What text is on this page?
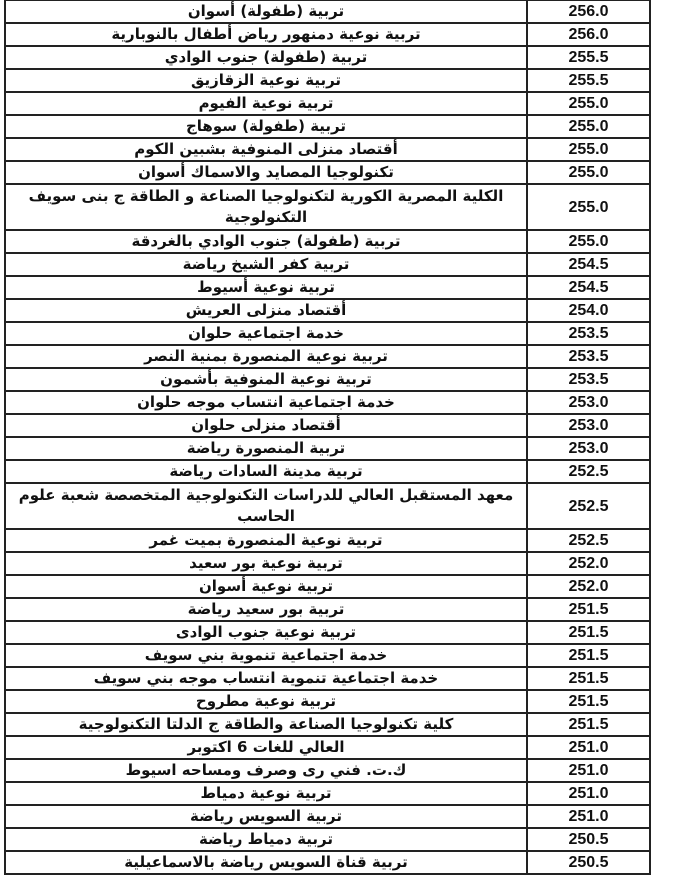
تربية (طفولة) أسوان	256.0
تربية نوعية دمنهور رياض أطفال بالنوبارية	256.0
تربية (طفولة) جنوب الوادي	255.5
تربية نوعية الزقازيق	255.5
تربية نوعية الفيوم	255.0
تربية (طفولة) سوهاج	255.0
أقتصاد منزلى المنوفية بشبين الكوم	255.0
تكنولوجيا المصايد والاسماك أسوان	255.0
الكلية المصرية الكورية لتكنولوجيا الصناعة و الطاقة ج بنى سويف التكنولوجية	255.0
تربية (طفولة) جنوب الوادي بالغردقة	255.0
تربية كفر الشيخ رياضة	254.5
تربية نوعية أسيوط	254.5
أقتصاد منزلى العريش	254.0
خدمة اجتماعية حلوان	253.5
تربية نوعية المنصورة بمنية النصر	253.5
تربية نوعية المنوفية بأشمون	253.5
خدمة اجتماعية انتساب موجه حلوان	253.0
أقتصاد منزلى حلوان	253.0
تربية المنصورة رياضة	253.0
تربية مدينة السادات رياضة	252.5
معهد المستقبل العالي للدراسات التكنولوجية المتخصصة شعبة علوم الحاسب	252.5
تربية نوعية المنصورة بميت غمر	252.5
تربية نوعية بور سعيد	252.0
تربية نوعية أسوان	252.0
تربية بور سعيد رياضة	251.5
تربية نوعية جنوب الوادى	251.5
خدمة اجتماعية تنموية بني سويف	251.5
خدمة اجتماعية تنموية انتساب موجه بني سويف	251.5
تربية نوعية مطروح	251.5
كلية تكنولوجيا الصناعة والطاقة ج الدلتا التكنولوجية	251.5
العالي للغات 6 اكتوبر	251.0
ك.ت. فني رى وصرف ومساحه اسيوط	251.0
تربية نوعية دمياط	251.0
تربية السويس رياضة	251.0
تربية دمياط رياضة	250.5
تربية قناة السويس رياضة بالاسماعيلية	250.5
